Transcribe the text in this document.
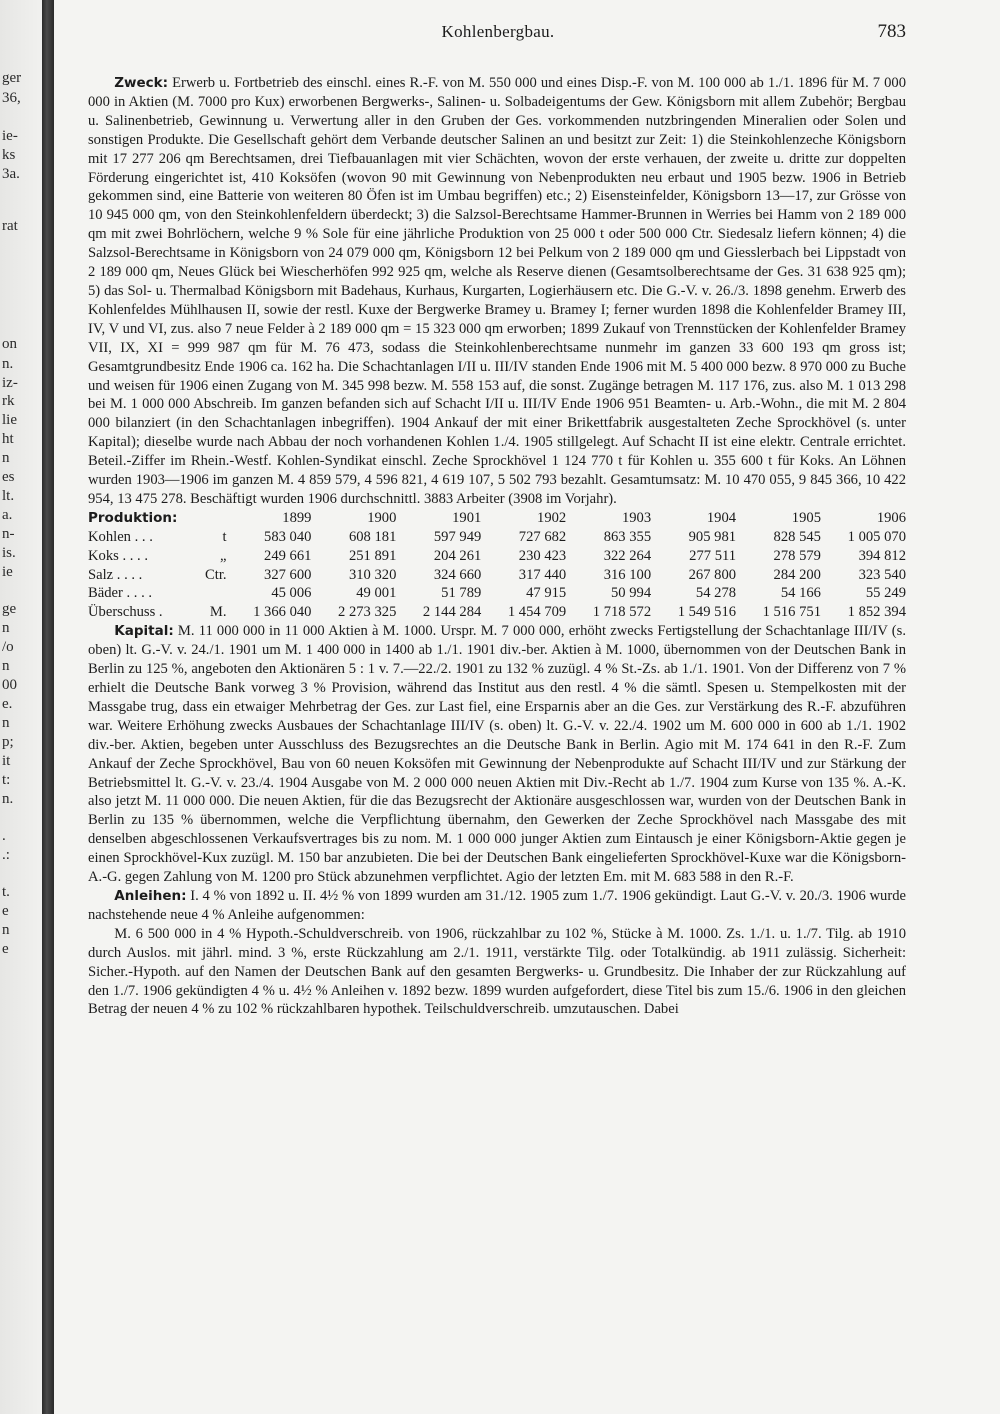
ger
36,
ie-
ks
3a.
rat
on
n.
iz-
rk
lie
ht
n
es
lt.
a.
n-
is.
ie
ge
n
/o
n
00
e.
n
p;
it
t:
n.
.
.:
t.
e
n
e
Kohlenbergbau.	783

Zweck: Erwerb u. Fortbetrieb des einschl. eines R.-F. von M. 550 000 und eines Disp.-F. von M. 100 000 ab 1./1. 1896 für M. 7 000 000 in Aktien (M. 7000 pro Kux) erworbenen Bergwerks-, Salinen- u. Solbadeigentums der Gew. Königsborn mit allem Zubehör; Bergbau u. Salinenbetrieb, Gewinnung u. Verwertung aller in den Gruben der Ges. vorkommenden nutzbringenden Mineralien oder Solen und sonstigen Produkte. Die Gesellschaft gehört dem Verbande deutscher Salinen an und besitzt zur Zeit: 1) die Steinkohlenzeche Königsborn mit 17 277 206 qm Berechtsamen, drei Tiefbauanlagen mit vier Schächten, wovon der erste verhauen, der zweite u. dritte zur doppelten Förderung eingerichtet ist, 410 Koksöfen (wovon 90 mit Gewinnung von Nebenprodukten neu erbaut und 1905 bezw. 1906 in Betrieb gekommen sind, eine Batterie von weiteren 80 Öfen ist im Umbau begriffen) etc.; 2) Eisensteinfelder, Königsborn 13—17, zur Grösse von 10 945 000 qm, von den Steinkohlenfeldern überdeckt; 3) die Salzsol-Berechtsame Hammer-Brunnen in Werries bei Hamm von 2 189 000 qm mit zwei Bohrlöchern, welche 9 % Sole für eine jährliche Produktion von 25 000 t oder 500 000 Ctr. Siedesalz liefern können; 4) die Salzsol-Berechtsame in Königsborn von 24 079 000 qm, Königsborn 12 bei Pelkum von 2 189 000 qm und Giesslerbach bei Lippstadt von 2 189 000 qm, Neues Glück bei Wiescherhöfen 992 925 qm, welche als Reserve dienen (Gesamtsolberechtsame der Ges. 31 638 925 qm); 5) das Sol- u. Thermalbad Königsborn mit Badehaus, Kurhaus, Kurgarten, Logierhäusern etc. Die G.-V. v. 26./3. 1898 genehm. Erwerb des Kohlenfeldes Mühlhausen II, sowie der restl. Kuxe der Bergwerke Bramey u. Bramey I; ferner wurden 1898 die Kohlenfelder Bramey III, IV, V und VI, zus. also 7 neue Felder à 2 189 000 qm = 15 323 000 qm erworben; 1899 Zukauf von Trennstücken der Kohlenfelder Bramey VII, IX, XI = 999 987 qm für M. 76 473, sodass die Steinkohlenberechtsame nunmehr im ganzen 33 600 193 qm gross ist; Gesamtgrundbesitz Ende 1906 ca. 162 ha. Die Schachtanlagen I/II u. III/IV standen Ende 1906 mit M. 5 400 000 bezw. 8 970 000 zu Buche und weisen für 1906 einen Zugang von M. 345 998 bezw. M. 558 153 auf, die sonst. Zugänge betragen M. 117 176, zus. also M. 1 013 298 bei M. 1 000 000 Abschreib. Im ganzen befanden sich auf Schacht I/II u. III/IV Ende 1906 951 Beamten- u. Arb.-Wohn., die mit M. 2 804 000 bilanziert (in den Schachtanlagen inbegriffen). 1904 Ankauf der mit einer Brikettfabrik ausgestalteten Zeche Sprockhövel (s. unter Kapital); dieselbe wurde nach Abbau der noch vorhandenen Kohlen 1./4. 1905 stillgelegt. Auf Schacht II ist eine elektr. Centrale errichtet. Beteil.-Ziffer im Rhein.-Westf. Kohlen-Syndikat einschl. Zeche Sprockhövel 1 124 770 t für Kohlen u. 355 600 t für Koks. An Löhnen wurden 1903—1906 im ganzen M. 4 859 579, 4 596 821, 4 619 107, 5 502 793 bezahlt. Gesamtumsatz: M. 10 470 055, 9 845 366, 10 422 954, 13 475 278. Beschäftigt wurden 1906 durchschnittl. 3883 Arbeiter (3908 im Vorjahr).

Produktion:		1899	1900	1901	1902	1903	1904	1905	1906
Kohlen . . .	t	583 040	608 181	597 949	727 682	863 355	905 981	828 545	1 005 070
Koks . . . .	„	249 661	251 891	204 261	230 423	322 264	277 511	278 579	394 812
Salz . . . .	Ctr.	327 600	310 320	324 660	317 440	316 100	267 800	284 200	323 540
Bäder . . . .		45 006	49 001	51 789	47 915	50 994	54 278	54 166	55 249
Überschuss .	M.	1 366 040	2 273 325	2 144 284	1 454 709	1 718 572	1 549 516	1 516 751	1 852 394

Kapital: M. 11 000 000 in 11 000 Aktien à M. 1000. Urspr. M. 7 000 000, erhöht zwecks Fertigstellung der Schachtanlage III/IV (s. oben) lt. G.-V. v. 24./1. 1901 um M. 1 400 000 in 1400 ab 1./1. 1901 div.-ber. Aktien à M. 1000, übernommen von der Deutschen Bank in Berlin zu 125 %, angeboten den Aktionären 5 : 1 v. 7.—22./2. 1901 zu 132 % zuzügl. 4 % St.-Zs. ab 1./1. 1901. Von der Differenz von 7 % erhielt die Deutsche Bank vorweg 3 % Provision, während das Institut aus den restl. 4 % die sämtl. Spesen u. Stempelkosten mit der Massgabe trug, dass ein etwaiger Mehrbetrag der Ges. zur Last fiel, eine Ersparnis aber an die Ges. zur Verstärkung des R.-F. abzuführen war. Weitere Erhöhung zwecks Ausbaues der Schachtanlage III/IV (s. oben) lt. G.-V. v. 22./4. 1902 um M. 600 000 in 600 ab 1./1. 1902 div.-ber. Aktien, begeben unter Ausschluss des Bezugsrechtes an die Deutsche Bank in Berlin. Agio mit M. 174 641 in den R.-F. Zum Ankauf der Zeche Sprockhövel, Bau von 60 neuen Koksöfen mit Gewinnung der Nebenprodukte auf Schacht III/IV und zur Stärkung der Betriebsmittel lt. G.-V. v. 23./4. 1904 Ausgabe von M. 2 000 000 neuen Aktien mit Div.-Recht ab 1./7. 1904 zum Kurse von 135 %. A.-K. also jetzt M. 11 000 000. Die neuen Aktien, für die das Bezugsrecht der Aktionäre ausgeschlossen war, wurden von der Deutschen Bank in Berlin zu 135 % übernommen, welche die Verpflichtung übernahm, den Gewerken der Zeche Sprockhövel nach Massgabe des mit denselben abgeschlossenen Verkaufsvertrages bis zu nom. M. 1 000 000 junger Aktien zum Eintausch je einer Königsborn-Aktie gegen je einen Sprockhövel-Kux zuzügl. M. 150 bar anzubieten. Die bei der Deutschen Bank eingelieferten Sprockhövel-Kuxe war die Königsborn-A.-G. gegen Zahlung von M. 1200 pro Stück abzunehmen verpflichtet. Agio der letzten Em. mit M. 683 588 in den R.-F.

Anleihen: I. 4 % von 1892 u. II. 4½ % von 1899 wurden am 31./12. 1905 zum 1./7. 1906 gekündigt. Laut G.-V. v. 20./3. 1906 wurde nachstehende neue 4 % Anleihe aufgenommen:

M. 6 500 000 in 4 % Hypoth.-Schuldverschreib. von 1906, rückzahlbar zu 102 %, Stücke à M. 1000. Zs. 1./1. u. 1./7. Tilg. ab 1910 durch Auslos. mit jährl. mind. 3 %, erste Rückzahlung am 2./1. 1911, verstärkte Tilg. oder Totalkündig. ab 1911 zulässig. Sicherheit: Sicher.-Hypoth. auf den Namen der Deutschen Bank auf den gesamten Bergwerks- u. Grundbesitz. Die Inhaber der zur Rückzahlung auf den 1./7. 1906 gekündigten 4 % u. 4½ % Anleihen v. 1892 bezw. 1899 wurden aufgefordert, diese Titel bis zum 15./6. 1906 in den gleichen Betrag der neuen 4 % zu 102 % rückzahlbaren hypothek. Teilschuldverschreib. umzutauschen. Dabei
